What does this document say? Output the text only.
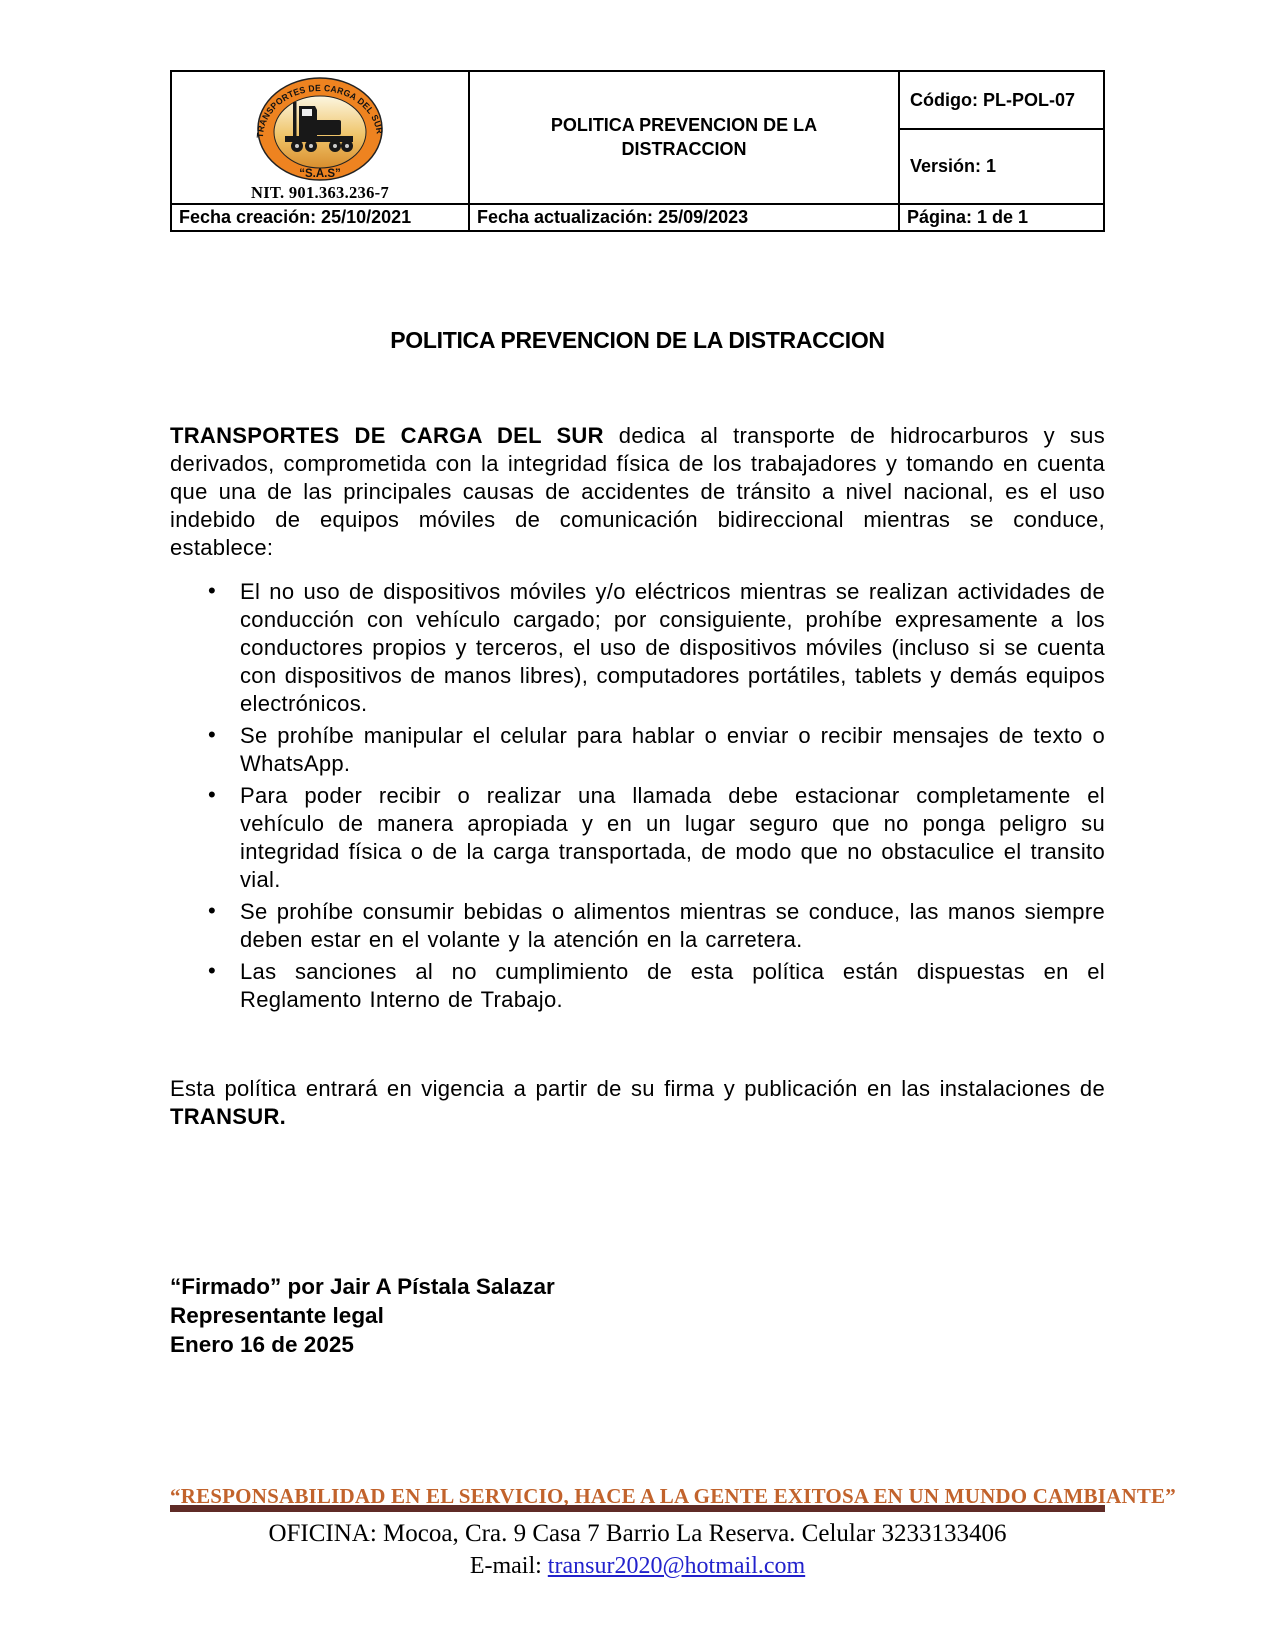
TRANSPORTES DE CARGA DEL SUR
“S.A.S”
NIT. 901.363.236-7
POLITICA PREVENCION DE LA DISTRACCION
Código: PL-POL-07
Versión: 1
Fecha creación: 25/10/2021	Fecha actualización: 25/09/2023	Página: 1 de 1
POLITICA PREVENCION DE LA DISTRACCION

TRANSPORTES DE CARGA DEL SUR dedica al transporte de hidrocarburos y sus derivados, comprometida con la integridad física de los trabajadores y tomando en cuenta que una de las principales causas de accidentes de tránsito a nivel nacional, es el uso indebido de equipos móviles de comunicación bidireccional mientras se conduce, establece:

• El no uso de dispositivos móviles y/o eléctricos mientras se realizan actividades de conducción con vehículo cargado; por consiguiente, prohíbe expresamente a los conductores propios y terceros, el uso de dispositivos móviles (incluso si se cuenta con dispositivos de manos libres), computadores portátiles, tablets y demás equipos electrónicos.
• Se prohíbe manipular el celular para hablar o enviar o recibir mensajes de texto o WhatsApp.
• Para poder recibir o realizar una llamada debe estacionar completamente el vehículo de manera apropiada y en un lugar seguro que no ponga peligro su integridad física o de la carga transportada, de modo que no obstaculice el transito vial.
• Se prohíbe consumir bebidas o alimentos mientras se conduce, las manos siempre deben estar en el volante y la atención en la carretera.
• Las sanciones al no cumplimiento de esta política están dispuestas en el Reglamento Interno de Trabajo.

Esta política entrará en vigencia a partir de su firma y publicación en las instalaciones de TRANSUR.

“Firmado” por Jair A Pístala Salazar
Representante legal
Enero 16 de 2025
“RESPONSABILIDAD EN EL SERVICIO, HACE A LA GENTE EXITOSA EN UN MUNDO CAMBIANTE”
OFICINA: Mocoa, Cra. 9 Casa 7 Barrio La Reserva. Celular 3233133406
E-mail: transur2020@hotmail.com
